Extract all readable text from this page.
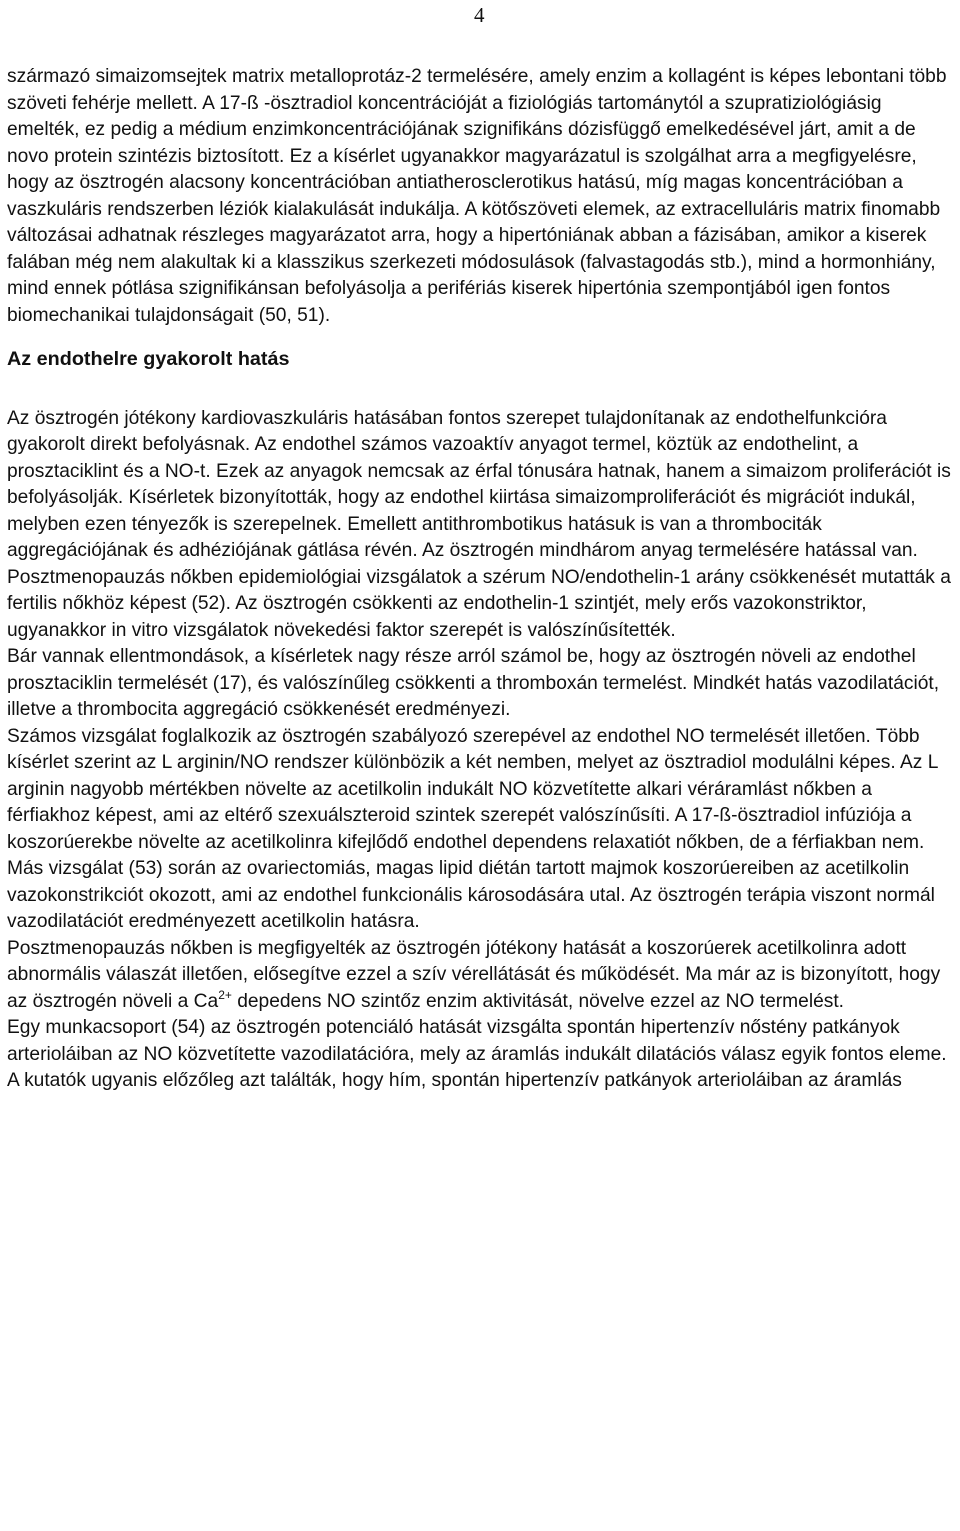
4

származó simaizomsejtek matrix metalloprotáz-2 termelésére, amely enzim a kollagént is képes lebontani több szöveti fehérje mellett. A 17-ß -ösztradiol koncentrációját a fiziológiás tartománytól a szupratiziológiásig emelték, ez pedig a médium enzimkoncentrációjának szignifikáns dózisfüggő emelkedésével járt, amit a de novo protein szintézis biztosított. Ez a kísérlet ugyanakkor magyarázatul is szolgálhat arra a megfigyelésre, hogy az ösztrogén alacsony koncentrációban antiatherosclerotikus hatású, míg magas koncentrációban a vaszkuláris rendszerben léziók kialakulását indukálja. A kötőszöveti elemek, az extracelluláris matrix finomabb változásai adhatnak részleges magyarázatot arra, hogy a hipertóniának abban a fázisában, amikor a kiserek falában még nem alakultak ki a klasszikus szerkezeti módosulások (falvastagodás stb.), mind a hormonhiány, mind ennek pótlása szignifikánsan befolyásolja a perifériás kiserek hipertónia szempontjából igen fontos biomechanikai tulajdonságait (50, 51).

Az endothelre gyakorolt hatás

Az ösztrogén jótékony kardiovaszkuláris hatásában fontos szerepet tulajdonítanak az endothelfunkcióra gyakorolt direkt befolyásnak. Az endothel számos vazoaktív anyagot termel, köztük az endothelint, a prosztaciklint és a NO-t. Ezek az anyagok nemcsak az érfal tónusára hatnak, hanem a simaizom proliferációt is befolyásolják. Kísérletek bizonyították, hogy az endothel kiirtása simaizomproliferációt és migrációt indukál, melyben ezen tényezők is szerepelnek. Emellett antithrombotikus hatásuk is van a thrombociták aggregációjának és adhéziójának gátlása révén. Az ösztrogén mindhárom anyag termelésére hatással van.

Posztmenopauzás nőkben epidemiológiai vizsgálatok a szérum NO/endothelin-1 arány csökkenését mutatták a fertilis nőkhöz képest (52). Az ösztrogén csökkenti az endothelin-1 szintjét, mely erős vazokonstriktor, ugyanakkor in vitro vizsgálatok növekedési faktor szerepét is valószínűsítették.

Bár vannak ellentmondások, a kísérletek nagy része arról számol be, hogy az ösztrogén növeli az endothel prosztaciklin termelését (17), és valószínűleg csökkenti a thromboxán termelést. Mindkét hatás vazodilatációt, illetve a thrombocita aggregáció csökkenését eredményezi.

Számos vizsgálat foglalkozik az ösztrogén szabályozó szerepével az endothel NO termelését illetően. Több kísérlet szerint az L arginin/NO rendszer különbözik a két nemben, melyet az ösztradiol modulálni képes. Az L arginin nagyobb mértékben növelte az acetilkolin indukált NO közvetítette alkari véráramlást nőkben a férfiakhoz képest, ami az eltérő szexuálszteroid szintek szerepét valószínűsíti. A 17-ß-ösztradiol infúziója a koszorúerekbe növelte az acetilkolinra kifejlődő endothel dependens relaxatiót nőkben, de a férfiakban nem. Más vizsgálat (53) során az ovariectomiás, magas lipid diétán tartott majmok koszorúereiben az acetilkolin vazokonstrikciót okozott, ami az endothel funkcionális károsodására utal. Az ösztrogén terápia viszont normál vazodilatációt eredményezett acetilkolin hatásra.

Posztmenopauzás nőkben is megfigyelték az ösztrogén jótékony hatását a koszorúerek acetilkolinra adott abnormális válaszát illetően, elősegítve ezzel a szív vérellátását és működését. Ma már az is bizonyított, hogy az ösztrogén növeli a $Ca^{2+}$ depedens NO szintőz enzim aktivitását, növelve ezzel az NO termelést.

Egy munkacsoport (54) az ösztrogén potenciáló hatását vizsgálta spontán hipertenzív nőstény patkányok arterioláiban az NO közvetítette vazodilatációra, mely az áramlás indukált dilatációs válasz egyik fontos eleme. A kutatók ugyanis előzőleg azt találták, hogy hím, spontán hipertenzív patkányok arterioláiban az áramlás
